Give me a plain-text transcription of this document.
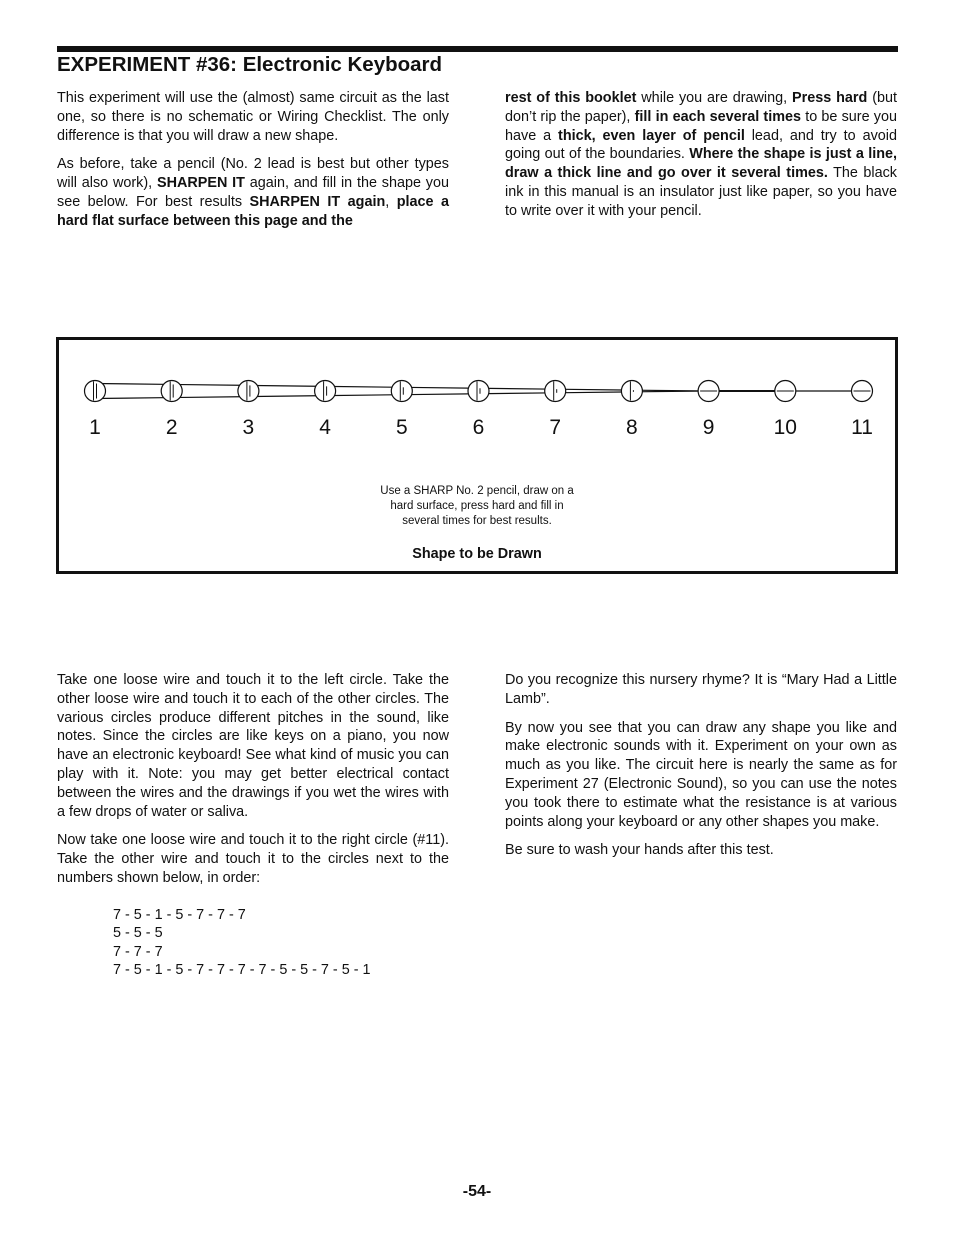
EXPERIMENT #36: Electronic Keyboard

This experiment will use the (almost) same circuit as the last one, so there is no schematic or Wiring Checklist. The only difference is that you will draw a new shape.

As before, take a pencil (No. 2 lead is best but other types will also work), SHARPEN IT again, and fill in the shape you see below. For best results SHARPEN IT again, place a hard flat surface between this page and the

rest of this booklet while you are drawing, Press hard (but don’t rip the paper), fill in each several times to be sure you have a thick, even layer of pencil lead, and try to avoid going out of the boundaries. Where the shape is just a line, draw a thick line and go over it several times. The black ink in this manual is an insulator just like paper, so you have to write over it with your pencil.

1	2	3	4	5	6	7	8	9	10	11
Use a SHARP No. 2 pencil, draw on a
hard surface, press hard and fill in
several times for best results.
Shape to be Drawn

Take one loose wire and touch it to the left circle. Take the other loose wire and touch it to each of the other circles. The various circles produce different pitches in the sound, like notes. Since the circles are like keys on a piano, you now have an electronic keyboard! See what kind of music you can play with it. Note: you may get better electrical contact between the wires and the drawings if you wet the wires with a few drops of water or saliva.

Now take one loose wire and touch it to the right circle (#11). Take the other wire and touch it to the circles next to the numbers shown below, in order:

7 - 5 - 1 - 5 - 7 - 7 - 7
5 - 5 - 5
7 - 7 - 7
7 - 5 - 1 - 5 - 7 - 7 - 7 - 7 - 5 - 5 - 7 - 5 - 1

Do you recognize this nursery rhyme? It is “Mary Had a Little Lamb”.

By now you see that you can draw any shape you like and make electronic sounds with it. Experiment on your own as much as you like. The circuit here is nearly the same as for Experiment 27 (Electronic Sound), so you can use the notes you took there to estimate what the resistance is at various points along your keyboard or any other shapes you make.

Be sure to wash your hands after this test.

-54-
